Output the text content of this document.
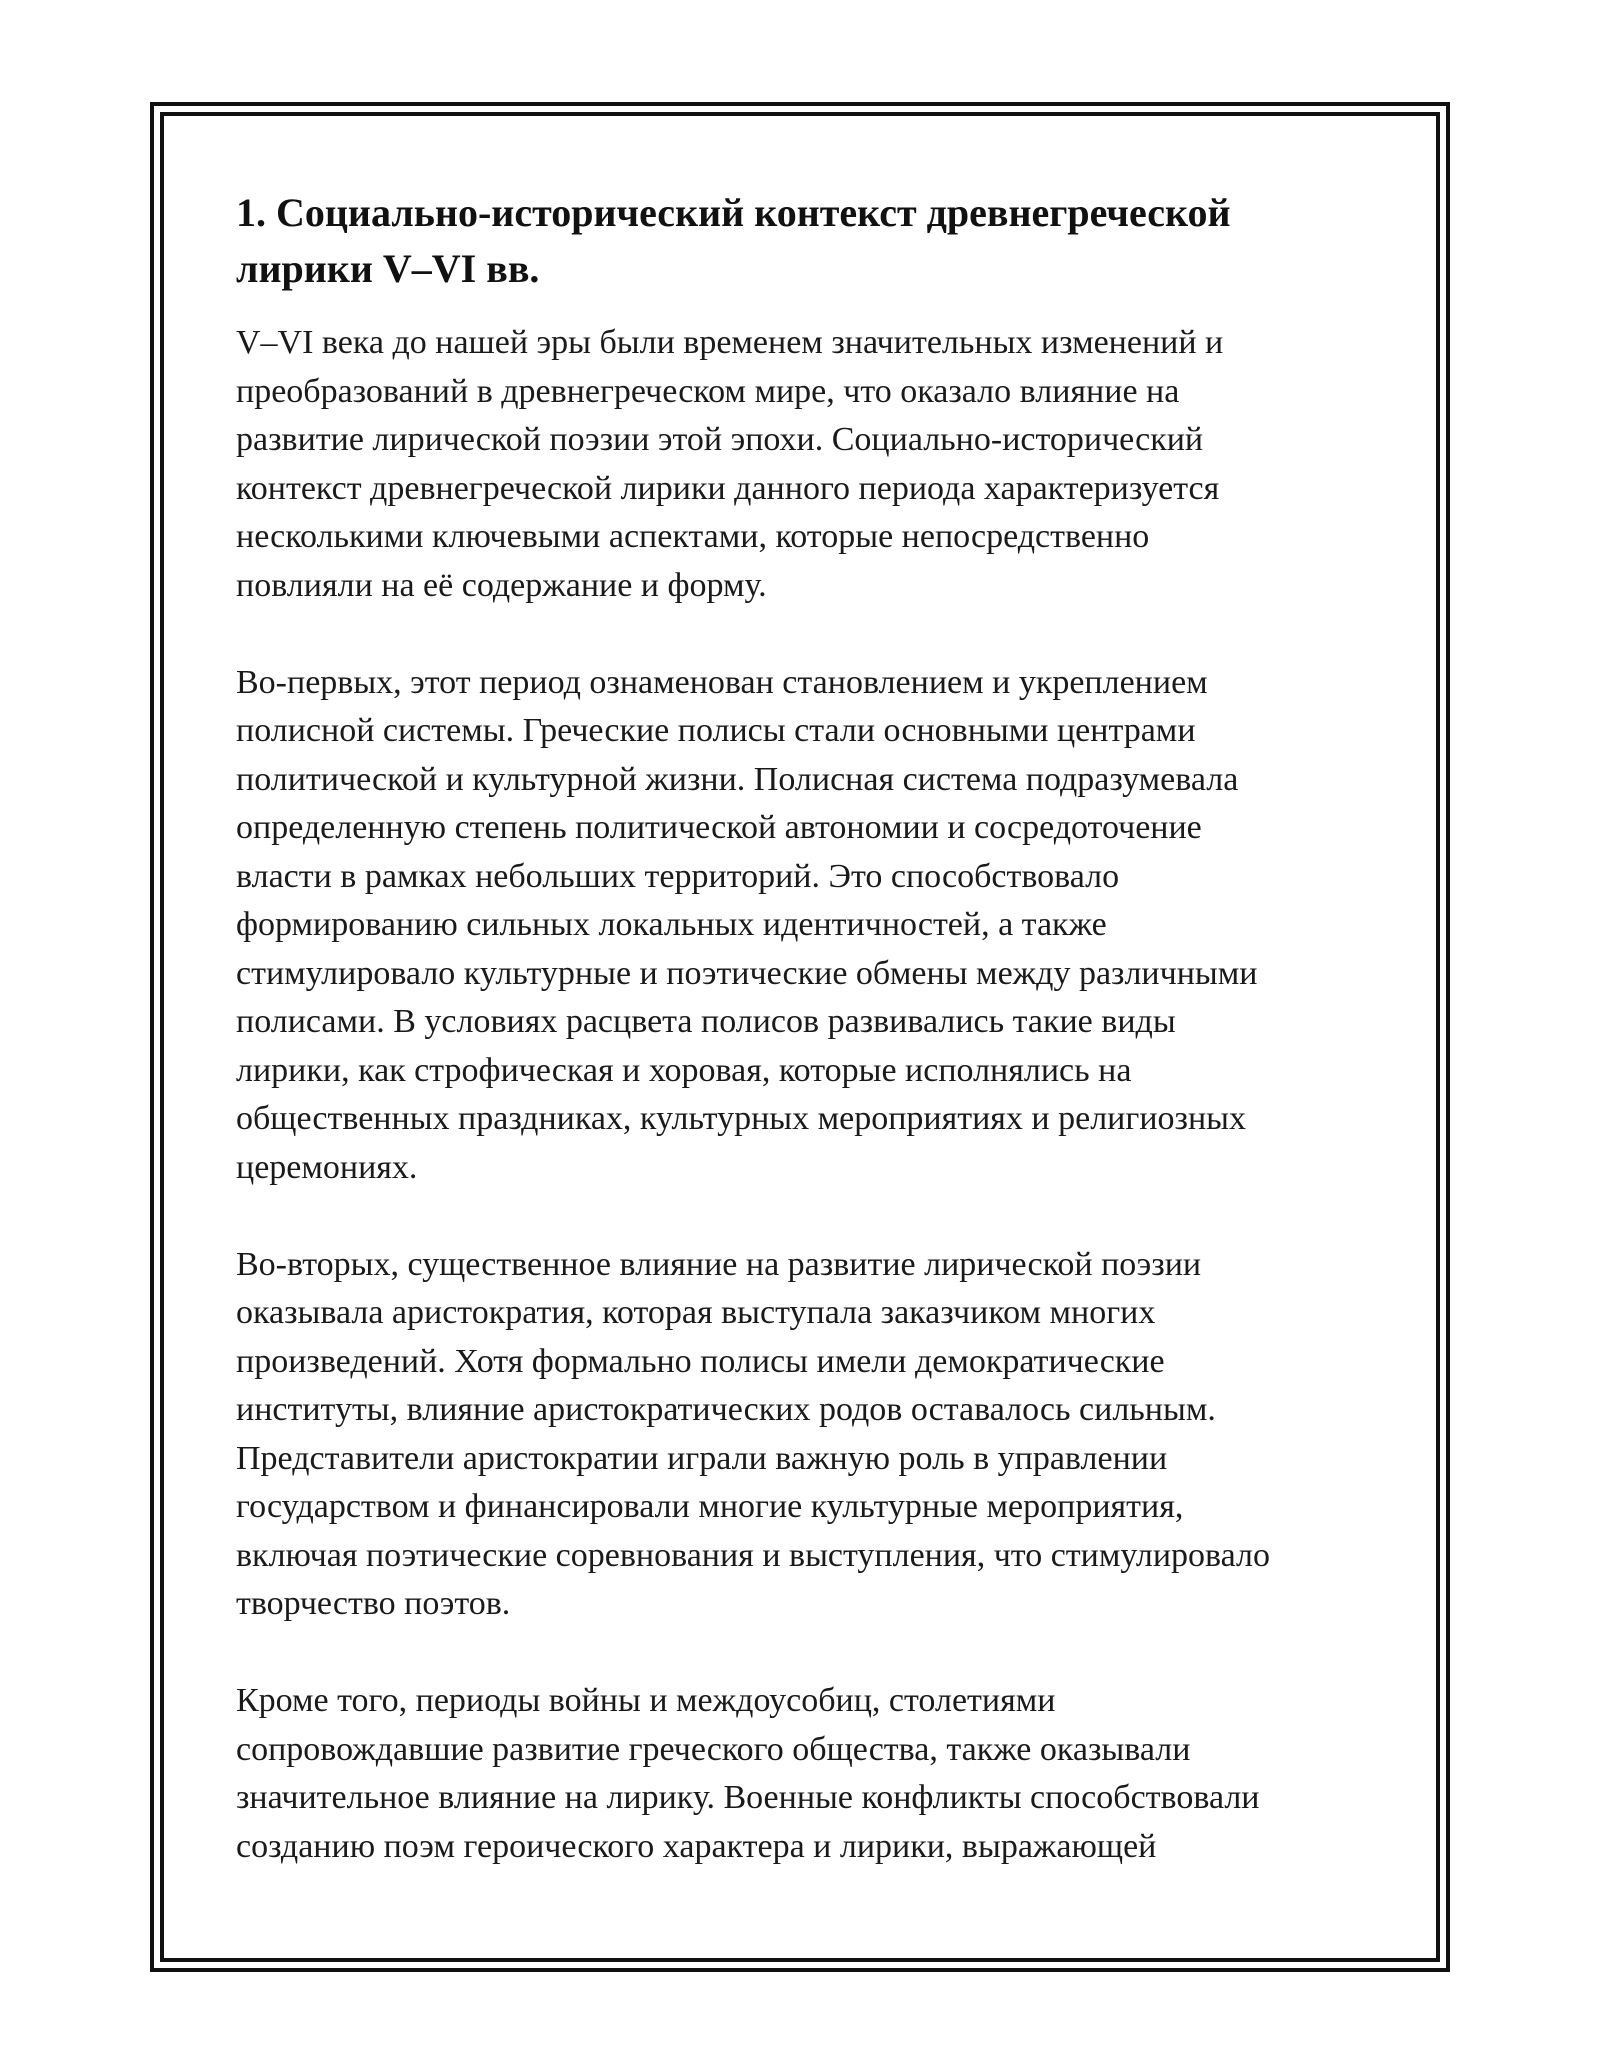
1. Социально-исторический контекст древнегреческой
лирики V–VI вв.

V–VI века до нашей эры были временем значительных изменений и
преобразований в древнегреческом мире, что оказало влияние на
развитие лирической поэзии этой эпохи. Социально-исторический
контекст древнегреческой лирики данного периода характеризуется
несколькими ключевыми аспектами, которые непосредственно
повлияли на её содержание и форму.

Во-первых, этот период ознаменован становлением и укреплением
полисной системы. Греческие полисы стали основными центрами
политической и культурной жизни. Полисная система подразумевала
определенную степень политической автономии и сосредоточение
власти в рамках небольших территорий. Это способствовало
формированию сильных локальных идентичностей, а также
стимулировало культурные и поэтические обмены между различными
полисами. В условиях расцвета полисов развивались такие виды
лирики, как строфическая и хоровая, которые исполнялись на
общественных праздниках, культурных мероприятиях и религиозных
церемониях.

Во-вторых, существенное влияние на развитие лирической поэзии
оказывала аристократия, которая выступала заказчиком многих
произведений. Хотя формально полисы имели демократические
институты, влияние аристократических родов оставалось сильным.
Представители аристократии играли важную роль в управлении
государством и финансировали многие культурные мероприятия,
включая поэтические соревнования и выступления, что стимулировало
творчество поэтов.

Кроме того, периоды войны и междоусобиц, столетиями
сопровождавшие развитие греческого общества, также оказывали
значительное влияние на лирику. Военные конфликты способствовали
созданию поэм героического характера и лирики, выражающей
